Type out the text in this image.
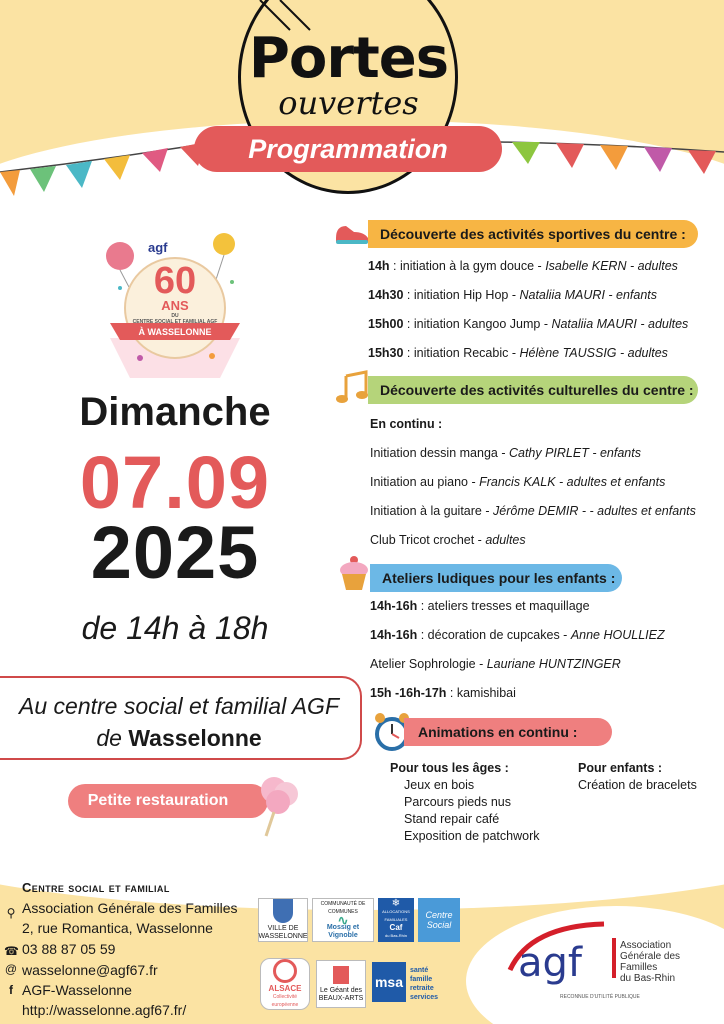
Portes
ouvertes
Programmation
agf
60
ANS
DU
CENTRE SOCIAL ET FAMILIAL AGF
À WASSELONNE
Dimanche
07.09
2025
de 14h à 18h
Au centre social et familial AGF
de Wasselonne
Petite restauration
Découverte des activités sportives du centre :
14h : initiation à la gym douce - Isabelle KERN - adultes
14h30 : initiation Hip Hop - Nataliia MAURI - enfants
15h00 : initiation Kangoo Jump - Nataliia MAURI - adultes
15h30 : initiation Recabic - Hélène TAUSSIG - adultes
Découverte des activités culturelles du centre :
En continu :
Initiation dessin manga - Cathy PIRLET - enfants
Initiation au piano - Francis KALK - adultes et enfants
Initiation à la guitare - Jérôme DEMIR - - adultes et enfants
Club Tricot crochet - adultes
Ateliers ludiques pour les enfants :
14h-16h : ateliers tresses et maquillage
14h-16h : décoration de cupcakes - Anne HOULLIEZ
Atelier Sophrologie - Lauriane HUNTZINGER
15h -16h-17h : kamishibai
Animations en continu :
Pour tous les âges :
Jeux en bois
Parcours pieds nus
Stand repair café
Exposition de patchwork
Pour enfants :
Création de bracelets
Centre social et familial
⚲ Association Générale des Familles
2, rue Romantica, Wasselonne
☎ 03 88 87 05 59
@ wasselonne@agf67.fr
f AGF-Wasselonne
http://wasselonne.agf67.fr/
VILLE DE WASSELONNE
COMMUNAUTÉ DE COMMUNES
∿
Mossig et Vignoble
❄
ALLOCATIONS FAMILIALES
Caf
du Bas-Rhin
Centre Social
ALSACE
Collectivité européenne
Le Géant des BEAUX-ARTS
msa
santé famille retraite services
agf	Association
Générale des
Familles
du Bas-Rhin
RECONNUE D'UTILITÉ PUBLIQUE
